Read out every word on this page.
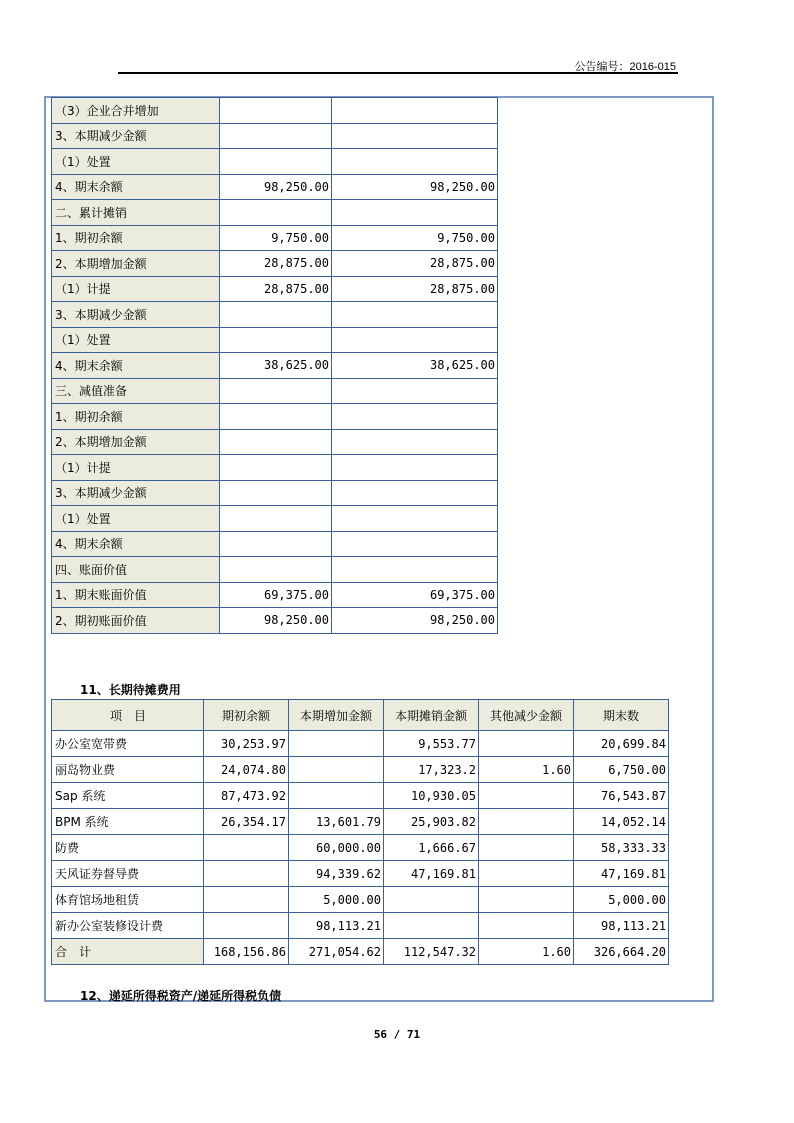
公告编号：2016-015
（3）企业合并增加		
3、本期减少金额		
（1）处置		
4、期末余额	98,250.00	98,250.00
二、累计摊销		
1、期初余额	9,750.00	9,750.00
2、本期增加金额	28,875.00	28,875.00
（1）计提	28,875.00	28,875.00
3、本期减少金额		
（1）处置		
4、期末余额	38,625.00	38,625.00
三、减值准备		
1、期初余额		
2、本期增加金额		
（1）计提		
3、本期减少金额		
（1）处置		
4、期末余额		
四、账面价值		
1、期末账面价值	69,375.00	69,375.00
2、期初账面价值	98,250.00	98,250.00
11、长期待摊费用
项　目	期初余额	本期增加金额	本期摊销金额	其他减少金额	期末数
办公室宽带费	30,253.97		9,553.77		20,699.84
丽岛物业费	24,074.80		17,323.2	1.60	6,750.00
Sap 系统	87,473.92		10,930.05		76,543.87
BPM 系统	26,354.17	13,601.79	25,903.82		14,052.14
防费		60,000.00	1,666.67		58,333.33
天风证券督导费		94,339.62	47,169.81		47,169.81
体育馆场地租赁		5,000.00			5,000.00
新办公室装修设计费		98,113.21			98,113.21
合　计	168,156.86	271,054.62	112,547.32	1.60	326,664.20
12、递延所得税资产/递延所得税负债
56 / 71
